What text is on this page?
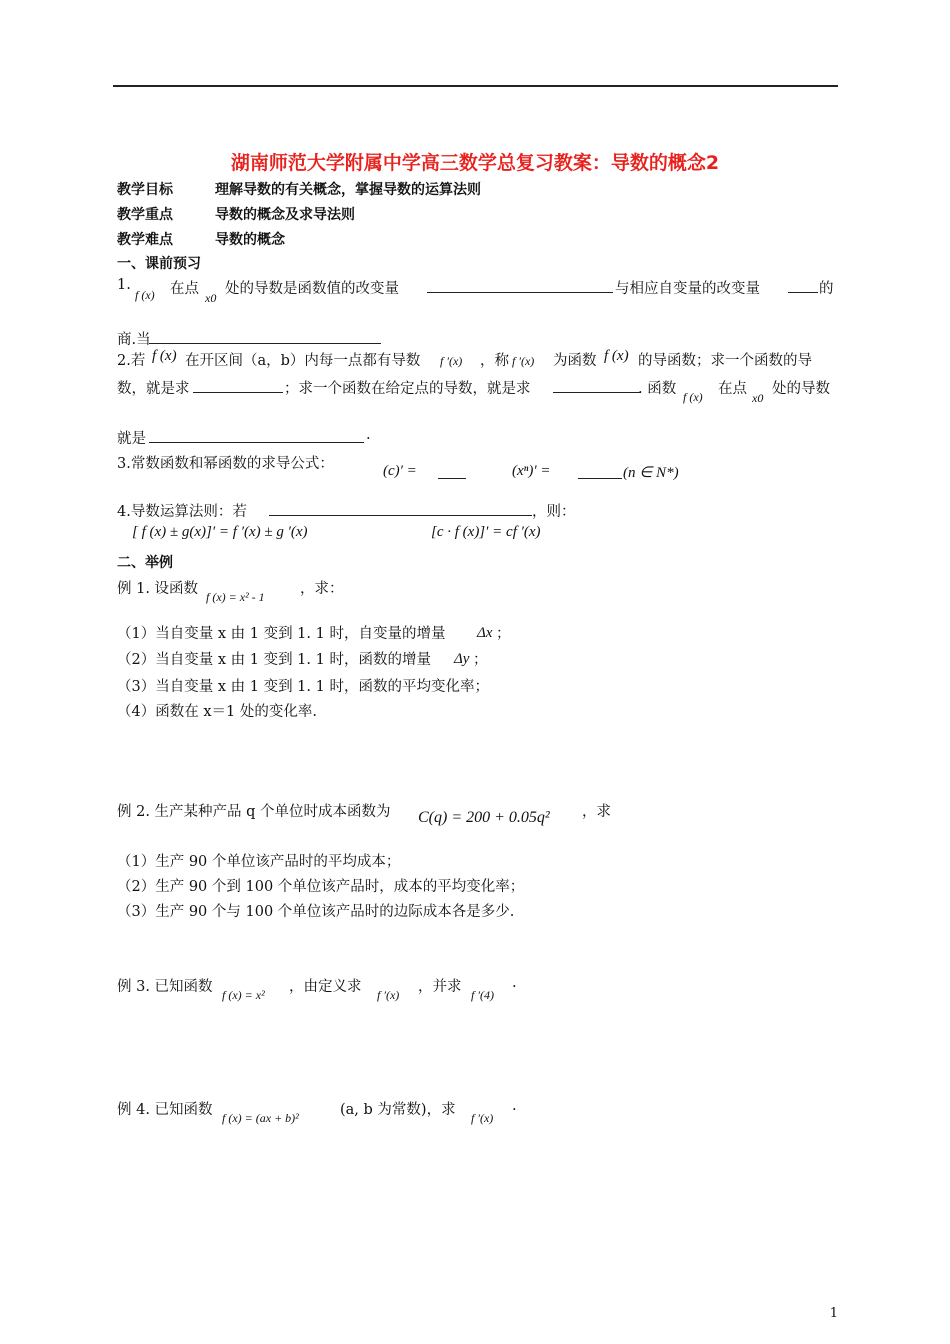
湖南师范大学附属中学高三数学总复习教案：导数的概念2
教学目标	理解导数的有关概念，掌握导数的运算法则
教学重点	导数的概念及求导法则
教学难点	导数的概念
一、课前预习
1.
f (x) 在点
x0
处的导数是函数值的改变量	与相应自变量的改变量	的
商.当
2.若 f (x) 在开区间（a，b）内每一点都有导数 f ′(x) ，称 f ′(x) 为函数 f (x) 的导函数；求一个函数的导
数，就是求	；求一个函数在给定点的导数，就是求	. 函数 f (x) 在点
x0
处的导数
就是	.
3.常数函数和幂函数的求导公式：	(c)′ =	(xⁿ)′ =	(n ∈ N*)
4.导数运算法则：若	，则：
[ f (x) ± g(x)]′ = f ′(x) ± g ′(x)	[c · f (x)]′ = cf ′(x)
二、举例
例 1. 设函数 f (x) = x² - 1 ，求：
（1）当自变量 x 由 1 变到 1. 1 时，自变量的增量 Δx ；
（2）当自变量 x 由 1 变到 1. 1 时，函数的增量 Δy ；
（3）当自变量 x 由 1 变到 1. 1 时，函数的平均变化率；
（4）函数在 x＝1 处的变化率.
例 2. 生产某种产品 q 个单位时成本函数为 C(q) = 200 + 0.05q² ，求
（1）生产 90 个单位该产品时的平均成本；
（2）生产 90 个到 100 个单位该产品时，成本的平均变化率；
（3）生产 90 个与 100 个单位该产品时的边际成本各是多少.
例 3. 已知函数 f (x) = x² ，由定义求 f ′(x) ，并求 f ′(4)
.
例 4. 已知函数 f (x) = (ax + b)²	(a, b 为常数)，求 f ′(x)
.
1
